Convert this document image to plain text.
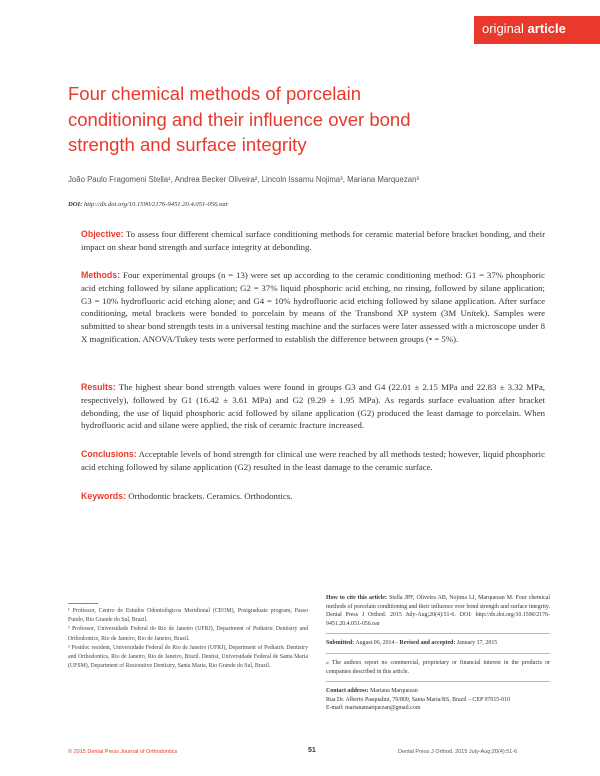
original article
Four chemical methods of porcelain
conditioning and their influence over bond
strength and surface integrity
João Paulo Fragomeni Stella¹, Andrea Becker Oliveira², Lincoln Issamu Nojima³, Mariana Marquezan³
DOI: http://dx.doi.org/10.1590/2176-9451.20.4.051-056.oar
Objective: To assess four different chemical surface conditioning methods for ceramic material before bracket bonding, and their impact on shear bond strength and surface integrity at debonding.
Methods: Four experimental groups (n = 13) were set up according to the ceramic conditioning method: G1 = 37% phosphoric acid etching followed by silane application; G2 = 37% liquid phosphoric acid etching, no rinsing, followed by silane application; G3 = 10% hydrofluoric acid etching alone; and G4 = 10% hydrofluoric acid etching followed by silane application. After surface conditioning, metal brackets were bonded to porcelain by means of the Transbond XP system (3M Unitek). Samples were submitted to shear bond strength tests in a universal testing machine and the surfaces were later assessed with a microscope under 8 X magnification. ANOVA/Tukey tests were performed to establish the difference between groups (• = 5%).
Results: The highest shear bond strength values were found in groups G3 and G4 (22.01 ± 2.15 MPa and 22.83 ± 3.32 MPa, respectively), followed by G1 (16.42 ± 3.61 MPa) and G2 (9.29 ± 1.95 MPa). As regards surface evaluation after bracket debonding, the use of liquid phosphoric acid followed by silane application (G2) produced the least damage to porcelain. When hydrofluoric acid and silane were applied, the risk of ceramic fracture increased.
Conclusions: Acceptable levels of bond strength for clinical use were reached by all methods tested; however, liquid phosphoric acid etching followed by silane application (G2) resulted in the least damage to the ceramic surface.
Keywords: Orthodontic brackets. Ceramics. Orthodontics.

¹ Professor, Centro de Estudos Odontológicos Meridional (CEOM), Postgraduate program, Passo Fundo, Rio Grande do Sul, Brazil.

² Professor, Universidade Federal do Rio de Janeiro (UFRJ), Department of Pediatric Dentistry and Orthodontics, Rio de Janeiro, Rio de Janeiro, Brazil.

³ Postdoc resident, Universidade Federal do Rio de Janeiro (UFRJ), Department of Pediatric Dentistry and Orthodontics, Rio de Janeiro, Rio de Janeiro, Brazil. Dentist, Universidade Federal de Santa Maria (UFSM), Department of Restorative Dentistry, Santa Maria, Rio Grande do Sul, Brazil.

How to cite this article: Stella JPF, Oliveira AB, Nojima LI, Marquezan M. Four chemical methods of porcelain conditioning and their influence over bond strength and surface integrity. Dental Press J Orthod. 2015 July-Aug;20(4):51-6. DOI: http://dx.doi.org/10.1590/2176-9451.20.4.051-056.oar

Submitted: August 06, 2014 - Revised and accepted: January 17, 2015

» The authors report no commercial, proprietary or financial interest in the products or companies described in this article.

Contact address: Mariana Marquezan
Rua Dr. Alberto Pasqualini, 70/809, Santa Maria/RS, Brazil – CEP 97015-010
E-mail: marianamarquezan@gmail.com

© 2015 Dental Press Journal of Orthodontics	51	Dental Press J Orthod. 2015 July-Aug;20(4):51-6
